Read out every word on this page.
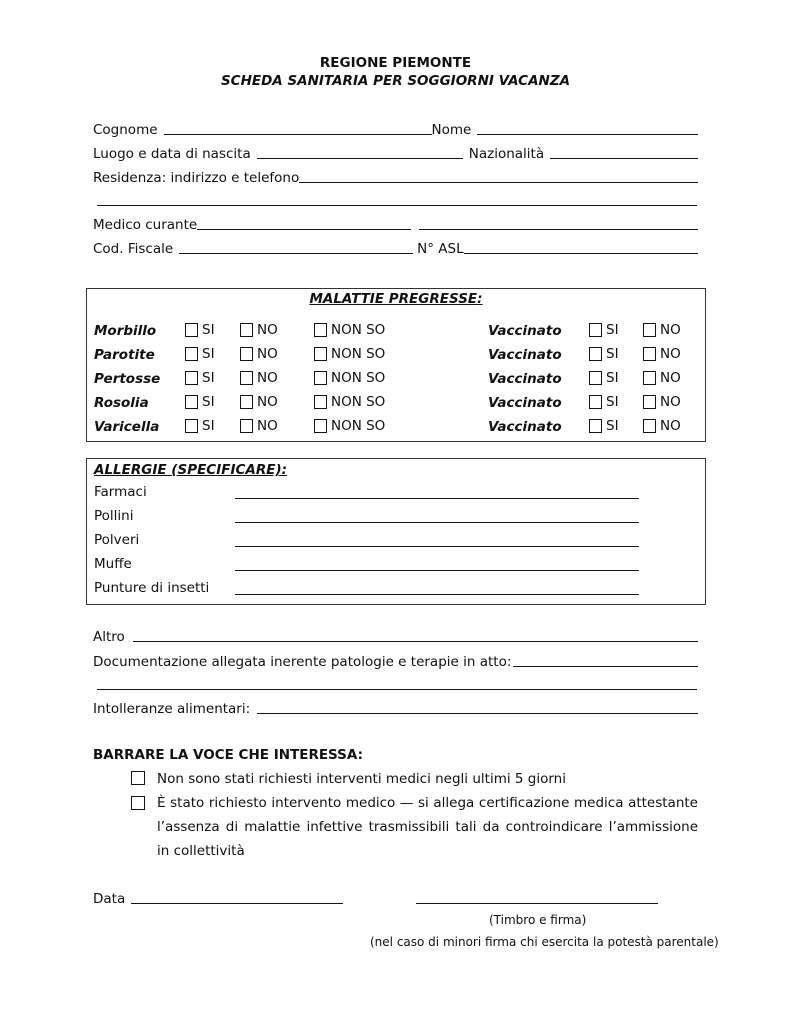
REGIONE PIEMONTE
SCHEDA SANITARIA PER SOGGIORNI VACANZA
Cognome	Nome
Luogo e data di nascita	Nazionalità
Residenza: indirizzo e telefono
Medico curante
Cod. Fiscale	N° ASL
MALATTIE PREGRESSE:
Morbillo	SI	NO	NON SO	Vaccinato	SI	NO
Parotite	SI	NO	NON SO	Vaccinato	SI	NO
Pertosse	SI	NO	NON SO	Vaccinato	SI	NO
Rosolia	SI	NO	NON SO	Vaccinato	SI	NO
Varicella	SI	NO	NON SO	Vaccinato	SI	NO
ALLERGIE (SPECIFICARE):
Farmaci
Pollini
Polveri
Muffe
Punture di insetti
Altro
Documentazione allegata inerente patologie e terapie in atto:
Intolleranze alimentari:
BARRARE LA VOCE CHE INTERESSA:
Non sono stati richiesti interventi medici negli ultimi 5 giorni
È stato richiesto intervento medico — si allega certificazione medica attestante l’assenza di malattie infettive trasmissibili tali da controindicare l’ammissione in collettività
Data
(Timbro e firma)
(nel caso di minori firma chi esercita la potestà parentale)
